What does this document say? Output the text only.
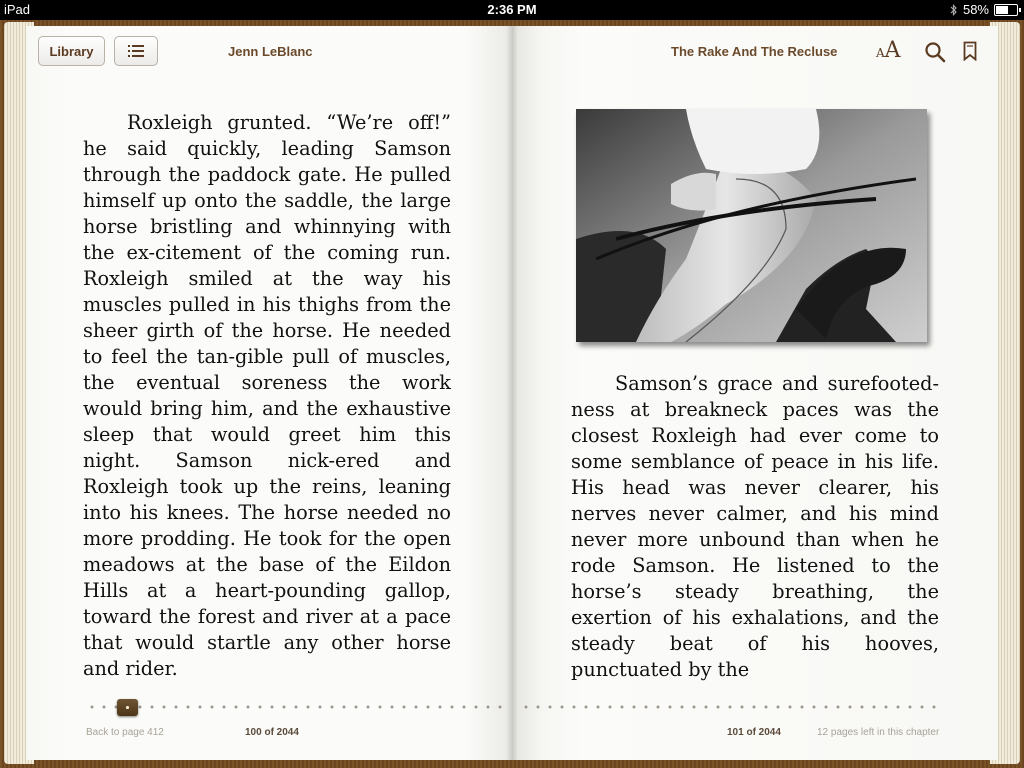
iPad	2:36 PM	58%
Library	Jenn LeBlanc	The Rake And The Recluse	AA

Roxleigh grunted. “We’re off!” he said quickly, leading Samson through the paddock gate. He pulled himself up onto the saddle, the large horse bristling and whinnying with the ex-citement of the coming run. Roxleigh smiled at the way his muscles pulled in his thighs from the sheer girth of the horse. He needed to feel the tan-gible pull of muscles, the eventual soreness the work would bring him, and the exhaustive sleep that would greet him this night. Samson nick-ered and Roxleigh took up the reins, leaning into his knees. The horse needed no more prodding. He took for the open meadows at the base of the Eildon Hills at a heart-pounding gallop, toward the forest and river at a pace that would startle any other horse and rider.

Samson’s grace and surefooted-ness at breakneck paces was the closest Roxleigh had ever come to some semblance of peace in his life. His head was never clearer, his nerves never calmer, and his mind never more unbound than when he rode Samson. He listened to the horse’s steady breathing, the exertion of his exhalations, and the steady beat of his hooves, punctuated by the

Back to page 412	100 of 2044	101 of 2044	12 pages left in this chapter
